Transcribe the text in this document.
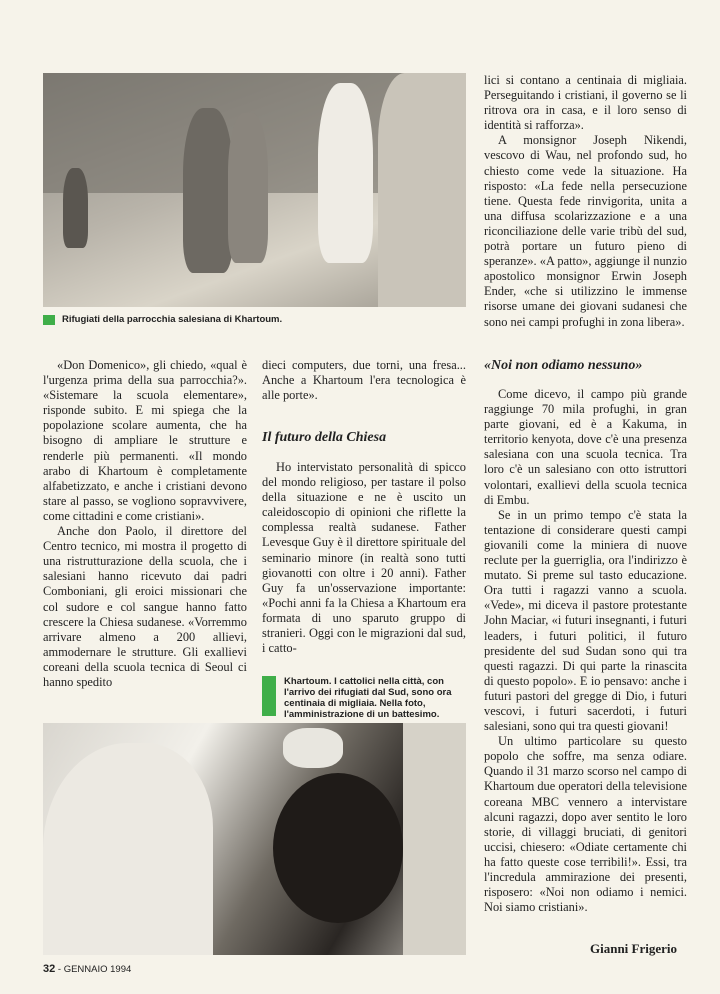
Rifugiati della parrocchia salesiana di Khartoum.

«Don Domenico», gli chiedo, «qual è l'urgenza prima della sua parrocchia?». «Sistemare la scuola elementare», risponde subito. E mi spiega che la popolazione scolare aumenta, che ha bisogno di ampliare le strutture e renderle più permanenti. «Il mondo arabo di Khartoum è completamente alfabetizzato, e anche i cristiani devono stare al passo, se vogliono sopravvivere, come cittadini e come cristiani».

Anche don Paolo, il direttore del Centro tecnico, mi mostra il progetto di una ristrutturazione della scuola, che i salesiani hanno ricevuto dai padri Comboniani, gli eroici missionari che col sudore e col sangue hanno fatto crescere la Chiesa sudanese. «Vorremmo arrivare almeno a 200 allievi, ammodernare le strutture. Gli exallievi coreani della scuola tecnica di Seoul ci hanno spedito

dieci computers, due torni, una fresa... Anche a Khartoum l'era tecnologica è alle porte».

Il futuro della Chiesa

Ho intervistato personalità di spicco del mondo religioso, per tastare il polso della situazione e ne è uscito un caleidoscopio di opinioni che riflette la complessa realtà sudanese. Father Levesque Guy è il direttore spirituale del seminario minore (in realtà sono tutti giovanotti con oltre i 20 anni). Father Guy fa un'osservazione importante: «Pochi anni fa la Chiesa a Khartoum era formata di uno sparuto gruppo di stranieri. Oggi con le migrazioni dal sud, i catto-

Khartoum. I cattolici nella città, con l'arrivo dei rifugiati dal Sud, sono ora centinaia di migliaia. Nella foto, l'amministrazione di un battesimo.

lici si contano a centinaia di migliaia. Perseguitando i cristiani, il governo se li ritrova ora in casa, e il loro senso di identità si rafforza».

A monsignor Joseph Nikendi, vescovo di Wau, nel profondo sud, ho chiesto come vede la situazione. Ha risposto: «La fede nella persecuzione tiene. Questa fede rinvigorita, unita a una diffusa scolarizzazione e a una riconciliazione delle varie tribù del sud, potrà portare un futuro pieno di speranze». «A patto», aggiunge il nunzio apostolico monsignor Erwin Joseph Ender, «che si utilizzino le immense risorse umane dei giovani sudanesi che sono nei campi profughi in zona libera».

«Noi non odiamo nessuno»

Come dicevo, il campo più grande raggiunge 70 mila profughi, in gran parte giovani, ed è a Kakuma, in territorio kenyota, dove c'è una presenza salesiana con una scuola tecnica. Tra loro c'è un salesiano con otto istruttori volontari, exallievi della scuola tecnica di Embu.

Se in un primo tempo c'è stata la tentazione di considerare questi campi giovanili come la miniera di nuove reclute per la guerriglia, ora l'indirizzo è mutato. Si preme sul tasto educazione. Ora tutti i ragazzi vanno a scuola. «Vede», mi diceva il pastore protestante John Maciar, «i futuri insegnanti, i futuri leaders, i futuri politici, il futuro presidente del sud Sudan sono qui tra questi ragazzi. Di qui parte la rinascita di questo popolo». E io pensavo: anche i futuri pastori del gregge di Dio, i futuri vescovi, i futuri sacerdoti, i futuri salesiani, sono qui tra questi giovani!

Un ultimo particolare su questo popolo che soffre, ma senza odiare. Quando il 31 marzo scorso nel campo di Khartoum due operatori della televisione coreana MBC vennero a intervistare alcuni ragazzi, dopo aver sentito le loro storie, di villaggi bruciati, di genitori uccisi, chiesero: «Odiate certamente chi ha fatto queste cose terribili!». Essi, tra l'incredula ammirazione dei presenti, risposero: «Noi non odiamo i nemici. Noi siamo cristiani».

Gianni Frigerio
32 - GENNAIO 1994
